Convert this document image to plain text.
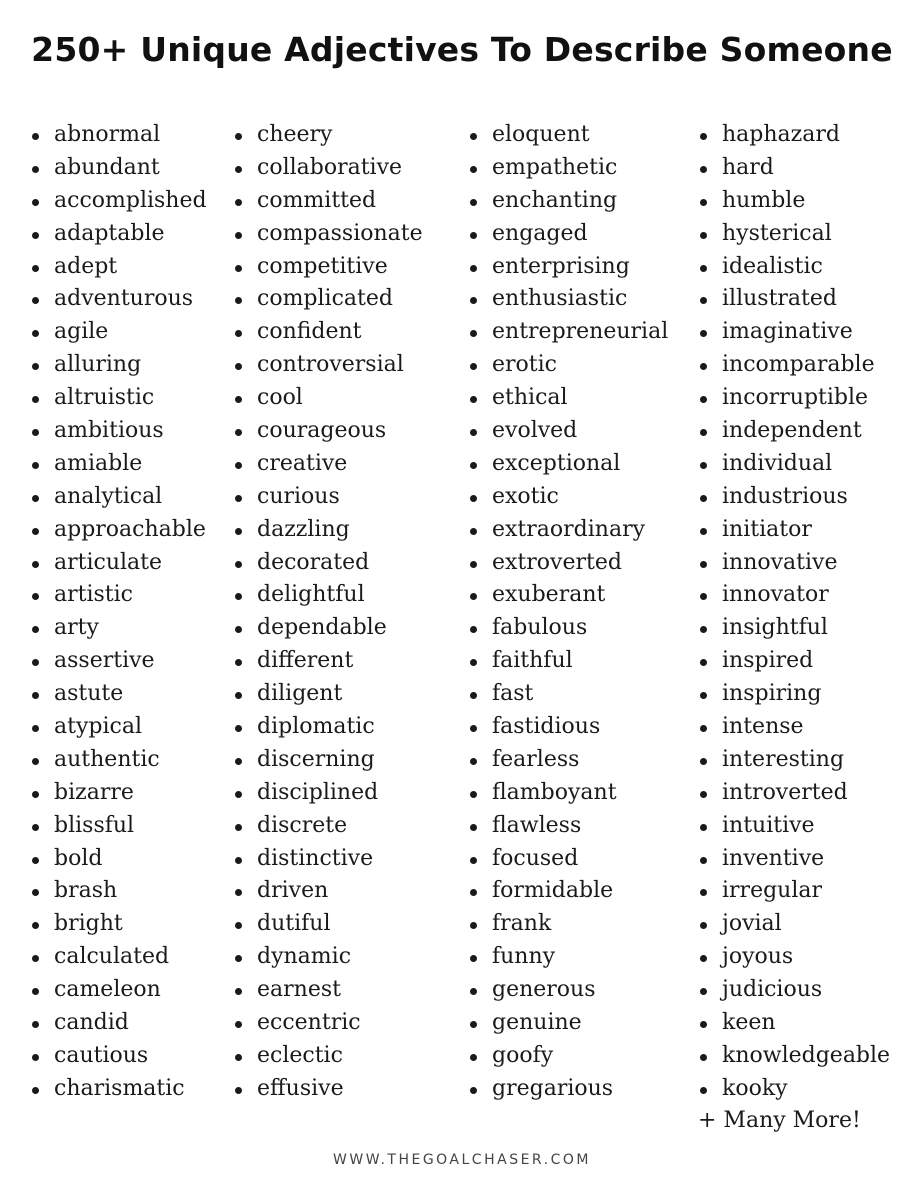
250+ Unique Adjectives To Describe Someone
abnormal
abundant
accomplished
adaptable
adept
adventurous
agile
alluring
altruistic
ambitious
amiable
analytical
approachable
articulate
artistic
arty
assertive
astute
atypical
authentic
bizarre
blissful
bold
brash
bright
calculated
cameleon
candid
cautious
charismatic
cheery
collaborative
committed
compassionate
competitive
complicated
confident
controversial
cool
courageous
creative
curious
dazzling
decorated
delightful
dependable
different
diligent
diplomatic
discerning
disciplined
discrete
distinctive
driven
dutiful
dynamic
earnest
eccentric
eclectic
effusive
eloquent
empathetic
enchanting
engaged
enterprising
enthusiastic
entrepreneurial
erotic
ethical
evolved
exceptional
exotic
extraordinary
extroverted
exuberant
fabulous
faithful
fast
fastidious
fearless
flamboyant
flawless
focused
formidable
frank
funny
generous
genuine
goofy
gregarious
haphazard
hard
humble
hysterical
idealistic
illustrated
imaginative
incomparable
incorruptible
independent
individual
industrious
initiator
innovative
innovator
insightful
inspired
inspiring
intense
interesting
introverted
intuitive
inventive
irregular
jovial
joyous
judicious
keen
knowledgeable
kooky
+ Many More!
WWW.THEGOALCHASER.COM
